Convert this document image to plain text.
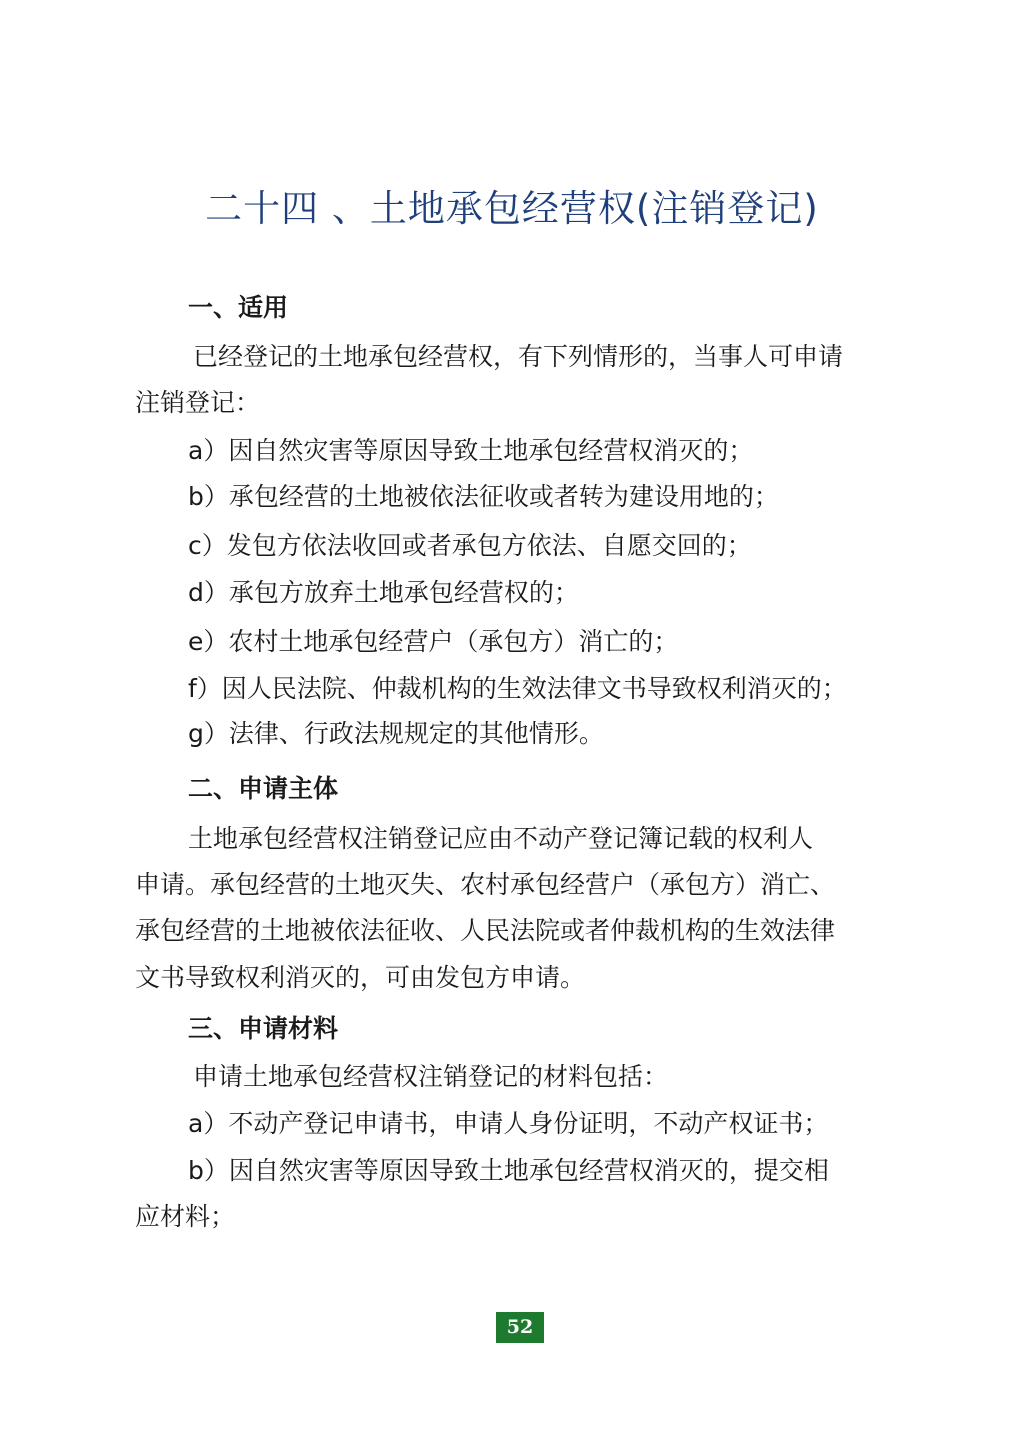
二十四 、土地承包经营权(注销登记)
一、适用
已经登记的土地承包经营权，有下列情形的，当事人可申请
注销登记：
a）因自然灾害等原因导致土地承包经营权消灭的；
b）承包经营的土地被依法征收或者转为建设用地的；
c）发包方依法收回或者承包方依法、自愿交回的；
d）承包方放弃土地承包经营权的；
e）农村土地承包经营户（承包方）消亡的；
f）因人民法院、仲裁机构的生效法律文书导致权利消灭的；
g）法律、行政法规规定的其他情形。
二、申请主体
土地承包经营权注销登记应由不动产登记簿记载的权利人
申请。承包经营的土地灭失、农村承包经营户（承包方）消亡、
承包经营的土地被依法征收、人民法院或者仲裁机构的生效法律
文书导致权利消灭的，可由发包方申请。
三、申请材料
申请土地承包经营权注销登记的材料包括：
a）不动产登记申请书，申请人身份证明，不动产权证书；
b）因自然灾害等原因导致土地承包经营权消灭的，提交相
应材料；
52
